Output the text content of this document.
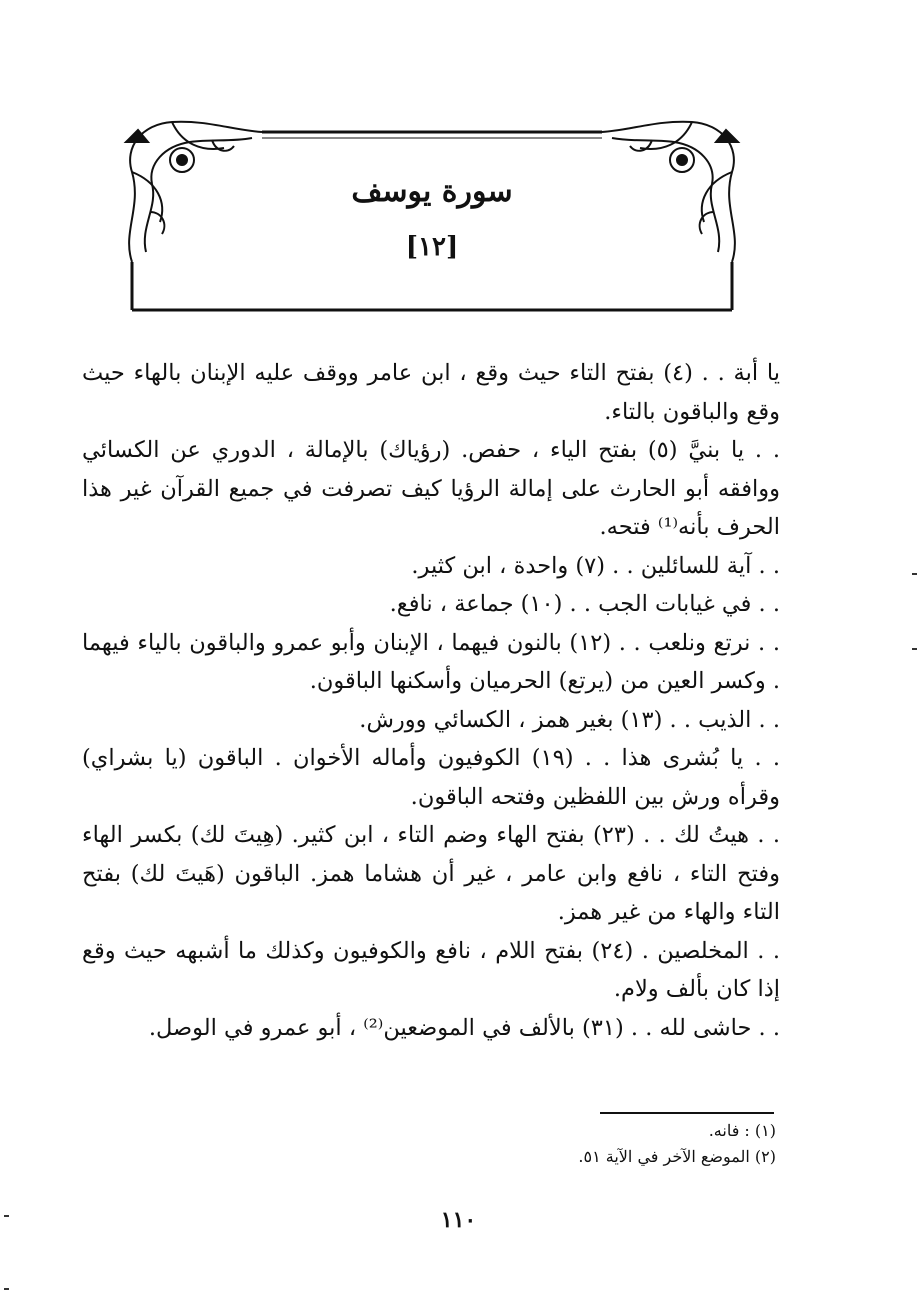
سورة يوسف
[١٢]

يا أبة . . (٤) بفتح التاء حيث وقع ، ابن عامر ووقف عليه الإبنان بالهاء حيث وقع والباقون بالتاء.

. . يا بنيَّ (٥) بفتح الياء ، حفص. (رؤياك) بالإمالة ، الدوري عن الكسائي ووافقه أبو الحارث على إمالة الرؤيا كيف تصرفت في جميع القرآن غير هذا الحرف بأنه⁽¹⁾ فتحه.

. . آية للسائلين . . (٧) واحدة ، ابن كثير.

. . في غيابات الجب . . (١٠) جماعة ، نافع.

. . نرتع ونلعب . . (١٢) بالنون فيهما ، الإبنان وأبو عمرو والباقون بالياء فيهما . وكسر العين من (يرتع) الحرميان وأسكنها الباقون.

. . الذيب . . (١٣) بغير همز ، الكسائي وورش.

. . يا بُشرى هذا . . (١٩) الكوفيون وأماله الأخوان . الباقون (يا بشراي) وقرأه ورش بين اللفظين وفتحه الباقون.

. . هيتُ لك . . (٢٣) بفتح الهاء وضم التاء ، ابن كثير. (هِيتَ لك) بكسر الهاء وفتح التاء ، نافع وابن عامر ، غير أن هشاما همز. الباقون (هَيتَ لك) بفتح التاء والهاء من غير همز.

. . المخلصين . (٢٤) بفتح اللام ، نافع والكوفيون وكذلك ما أشبهه حيث وقع إذا كان بألف ولام.

. . حاشى لله . . (٣١) بالألف في الموضعين⁽²⁾ ، أبو عمرو في الوصل.

(١) : فانه.
(٢) الموضع الآخر في الآية ٥١.
١١٠
